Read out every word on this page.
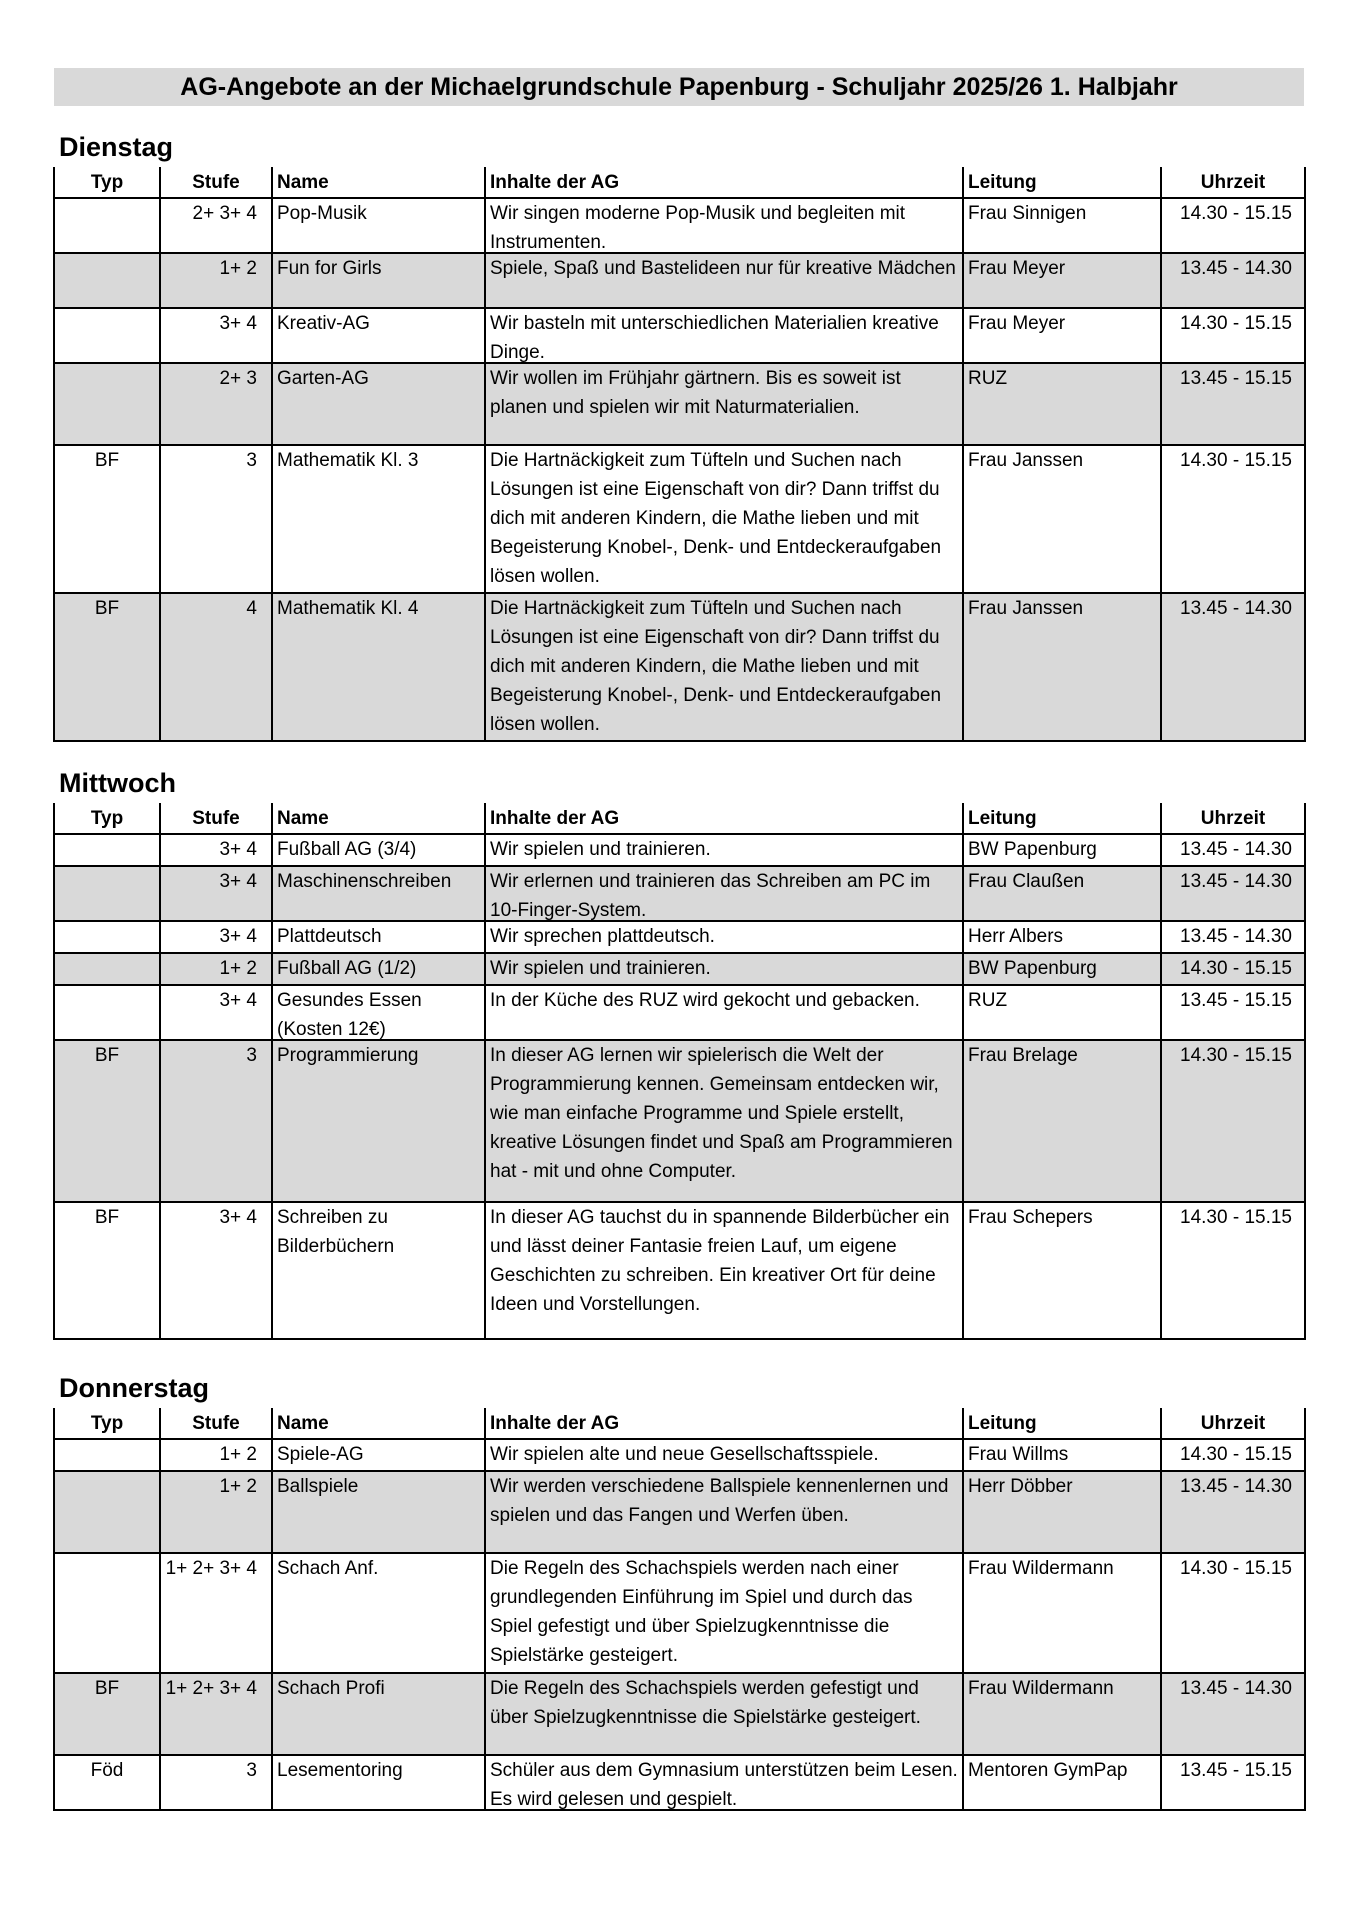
AG-Angebote an der Michaelgrundschule Papenburg - Schuljahr 2025/26 1. Halbjahr
Dienstag
Typ	Stufe	Name	Inhalte der AG	Leitung	Uhrzeit

	2+ 3+ 4	Pop-Musik	Wir singen moderne Pop-Musik und begleiten mit Instrumenten.	Frau Sinnigen	14.30 - 15.15

	1+ 2	Fun for Girls	Spiele, Spaß und Bastelideen nur für kreative Mädchen	Frau Meyer	13.45 - 14.30

	3+ 4	Kreativ-AG	Wir basteln mit unterschiedlichen Materialien kreative Dinge.	Frau Meyer	14.30 - 15.15

	2+ 3	Garten-AG	Wir wollen im Frühjahr gärtnern. Bis es soweit ist planen und spielen wir mit Naturmaterialien.	RUZ	13.45 - 15.15

BF	3	Mathematik Kl. 3	Die Hartnäckigkeit zum Tüfteln und Suchen nach Lösungen ist eine Eigenschaft von dir? Dann triffst du dich mit anderen Kindern, die Mathe lieben und mit Begeisterung Knobel-, Denk- und Entdeckeraufgaben lösen wollen.	Frau Janssen	14.30 - 15.15

BF	4	Mathematik Kl. 4	Die Hartnäckigkeit zum Tüfteln und Suchen nach Lösungen ist eine Eigenschaft von dir? Dann triffst du dich mit anderen Kindern, die Mathe lieben und mit Begeisterung Knobel-, Denk- und Entdeckeraufgaben lösen wollen.	Frau Janssen	13.45 - 14.30
Mittwoch
Typ	Stufe	Name	Inhalte der AG	Leitung	Uhrzeit

	3+ 4	Fußball AG (3/4)	Wir spielen und trainieren.	BW Papenburg	13.45 - 14.30

	3+ 4	Maschinenschreiben	Wir erlernen und trainieren das Schreiben am PC im 10-Finger-System.	Frau Claußen	13.45 - 14.30

	3+ 4	Plattdeutsch	Wir sprechen plattdeutsch.	Herr Albers	13.45 - 14.30

	1+ 2	Fußball AG (1/2)	Wir spielen und trainieren.	BW Papenburg	14.30 - 15.15

	3+ 4	Gesundes Essen (Kosten 12€)	In der Küche des RUZ wird gekocht und gebacken.	RUZ	13.45 - 15.15

BF	3	Programmierung	In dieser AG lernen wir spielerisch die Welt der Programmierung kennen. Gemeinsam entdecken wir, wie man einfache Programme und Spiele erstellt, kreative Lösungen findet und Spaß am Programmieren hat - mit und ohne Computer.	Frau Brelage	14.30 - 15.15

BF	3+ 4	Schreiben zu Bilderbüchern	In dieser AG tauchst du in spannende Bilderbücher ein und lässt deiner Fantasie freien Lauf, um eigene Geschichten zu schreiben. Ein kreativer Ort für deine Ideen und Vorstellungen.	Frau Schepers	14.30 - 15.15
Donnerstag
Typ	Stufe	Name	Inhalte der AG	Leitung	Uhrzeit

	1+ 2	Spiele-AG	Wir spielen alte und neue Gesellschaftsspiele.	Frau Willms	14.30 - 15.15

	1+ 2	Ballspiele	Wir werden verschiedene Ballspiele kennenlernen und spielen und das Fangen und Werfen üben.	Herr Döbber	13.45 - 14.30

	1+ 2+ 3+ 4	Schach Anf.	Die Regeln des Schachspiels werden nach einer grundlegenden Einführung im Spiel und durch das Spiel gefestigt und über Spielzugkenntnisse die Spielstärke gesteigert.	Frau Wildermann	14.30 - 15.15

BF	1+ 2+ 3+ 4	Schach Profi	Die Regeln des Schachspiels werden gefestigt und über Spielzugkenntnisse die Spielstärke gesteigert.	Frau Wildermann	13.45 - 14.30

Föd	3	Lesementoring	Schüler aus dem Gymnasium unterstützen beim Lesen. Es wird gelesen und gespielt.	Mentoren GymPap	13.45 - 15.15
